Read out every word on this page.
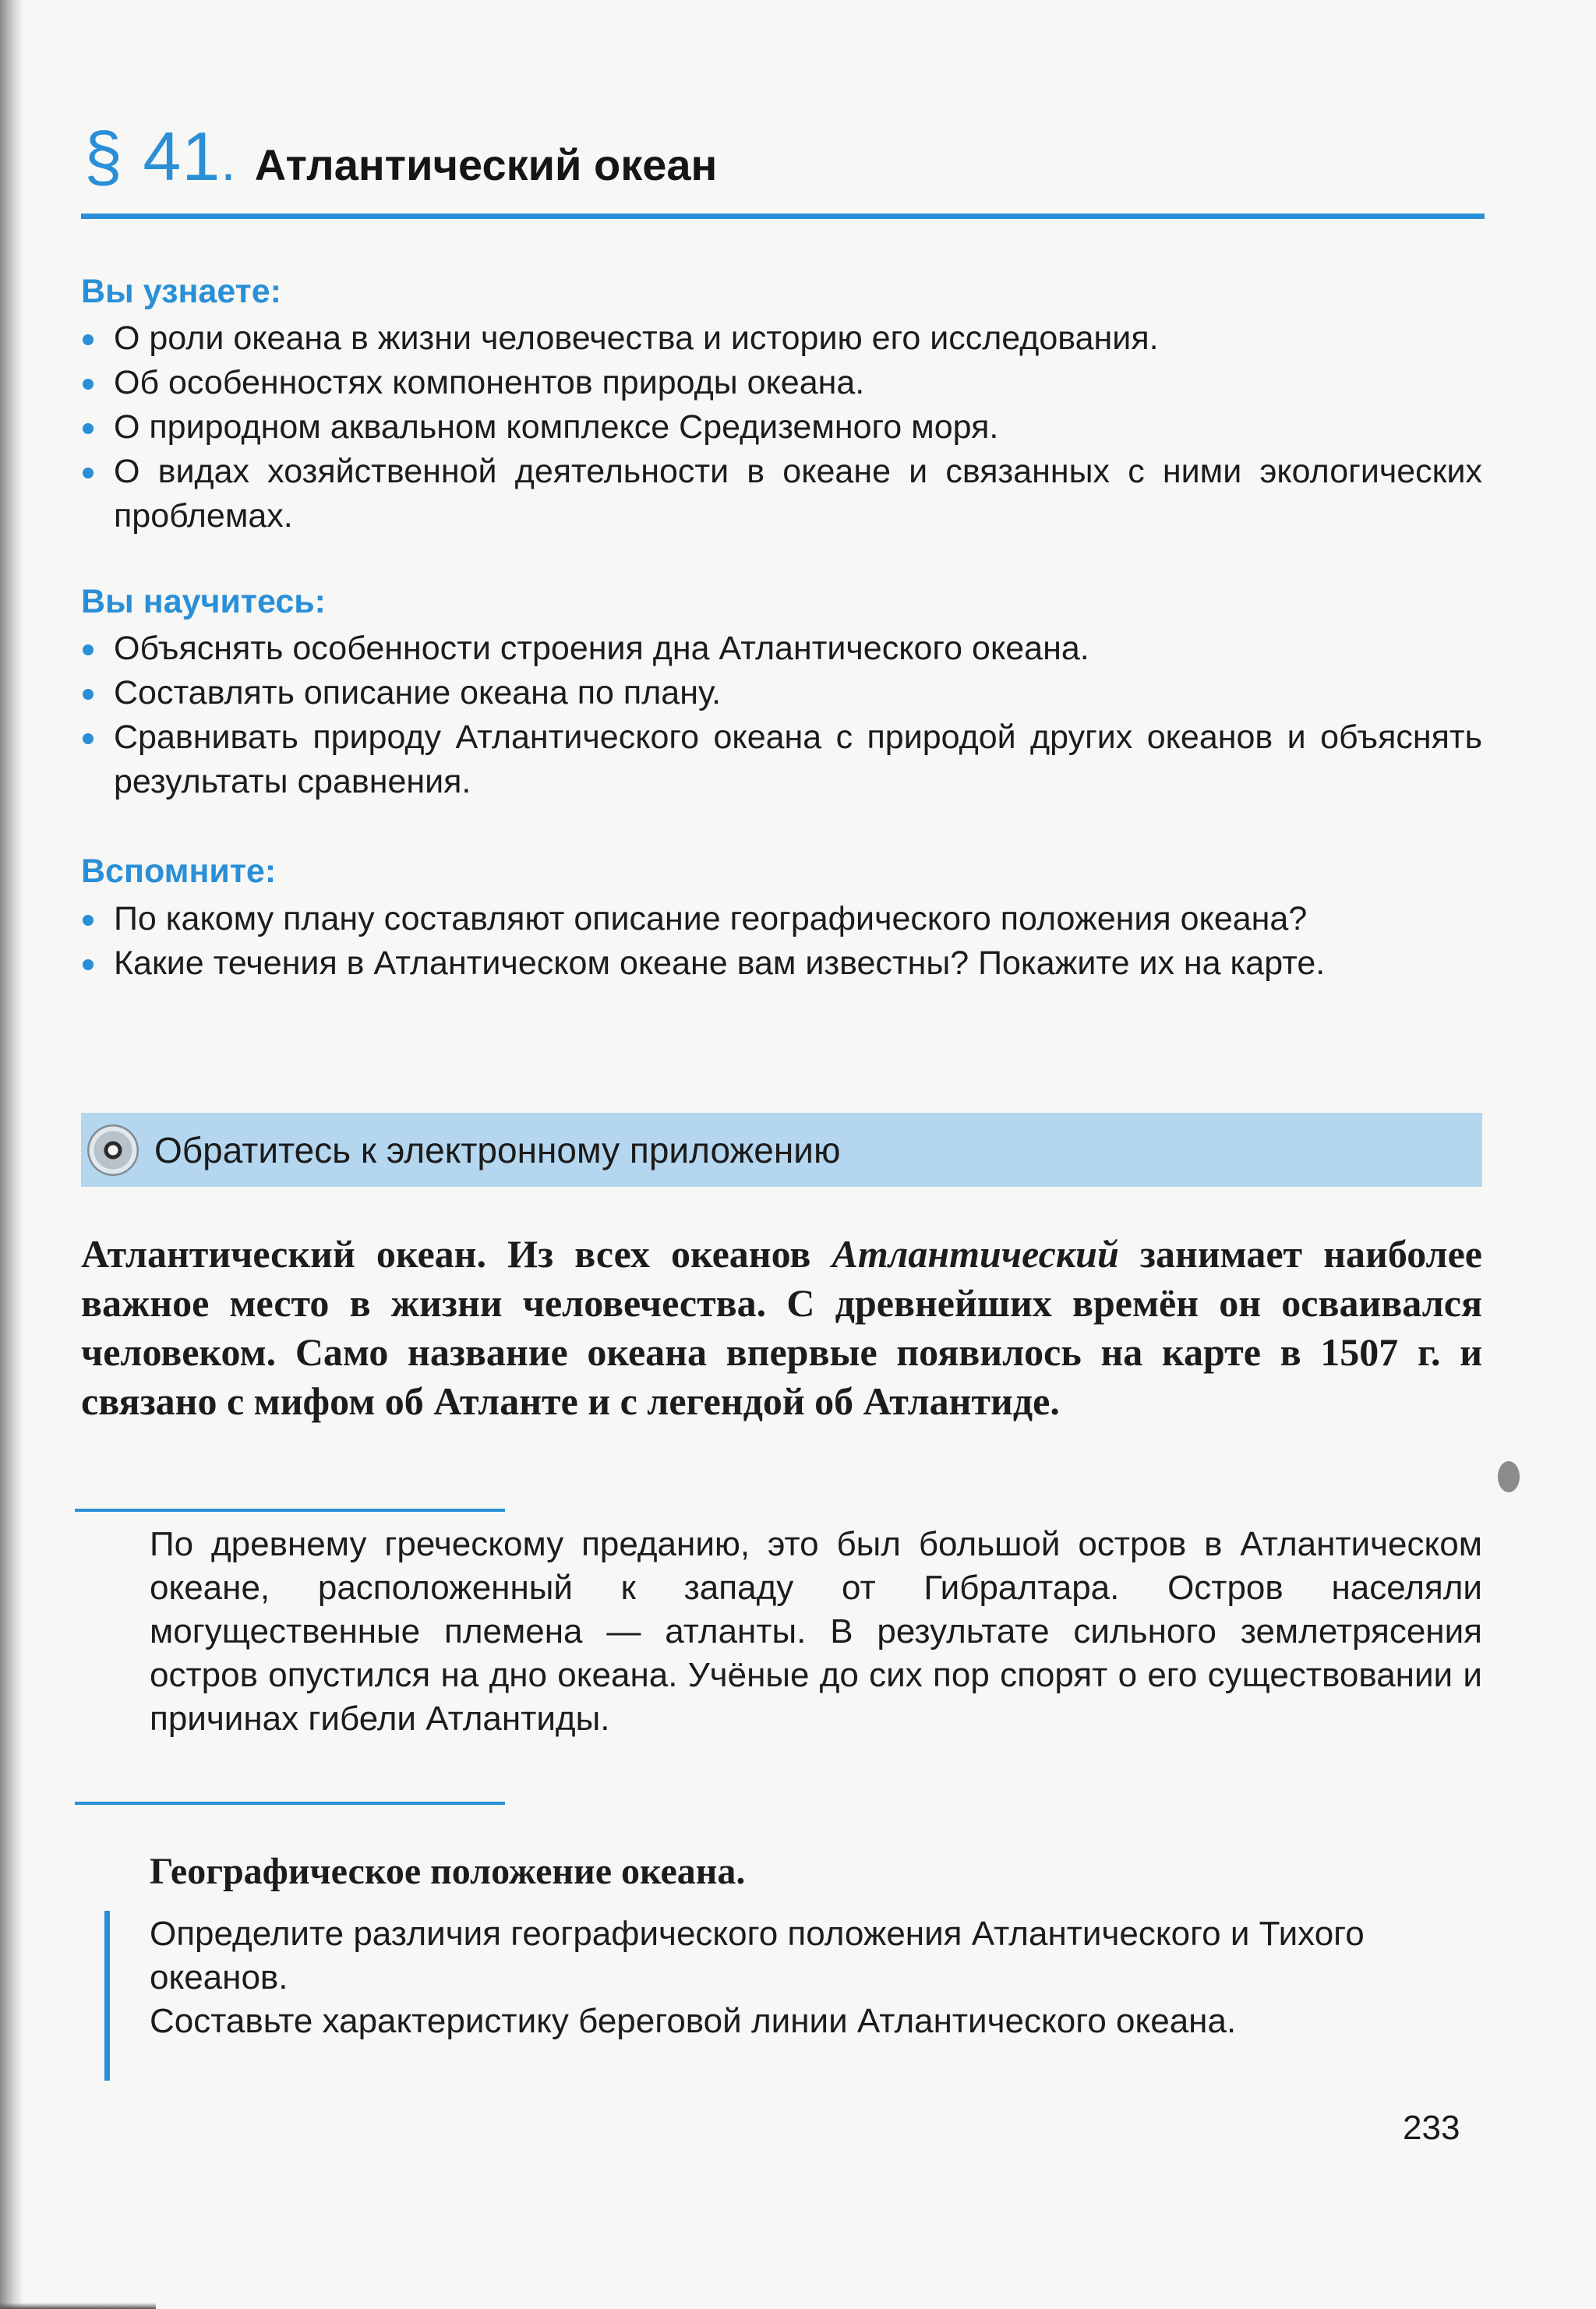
§ 41 . Атлантический океан
Вы узнаете:
О роли океана в жизни человечества и историю его исследования.
Об особенностях компонентов природы океана.
О природном аквальном комплексе Средиземного моря.
О видах хозяйственной деятельности в океане и связанных с ними экологических проблемах.
Вы научитесь:
Объяснять особенности строения дна Атлантического океана.
Составлять описание океана по плану.
Сравнивать природу Атлантического океана с природой других океанов и объяснять результаты сравнения.
Вспомните:
По какому плану составляют описание географического положения океана?
Какие течения в Атлантическом океане вам известны? Покажите их на карте.
Обратитесь к электронному приложению
Атлантический океан. Из всех океанов Атлантический занимает наиболее важное место в жизни человечества. С древнейших времён он осваивался человеком. Само название океана впервые появилось на карте в 1507 г. и связано с мифом об Атланте и с легендой об Атлантиде.
По древнему греческому преданию, это был большой остров в Атлантическом океане, расположенный к западу от Гибралтара. Остров населяли могущественные племена — атланты. В результате сильного землетрясения остров опустился на дно океана. Учёные до сих пор спорят о его существовании и причинах гибели Атлантиды.
Географическое положение океана.
Определите различия географического положения Атлантического и Тихого океанов.
Составьте характеристику береговой линии Атлантического океана.
233
